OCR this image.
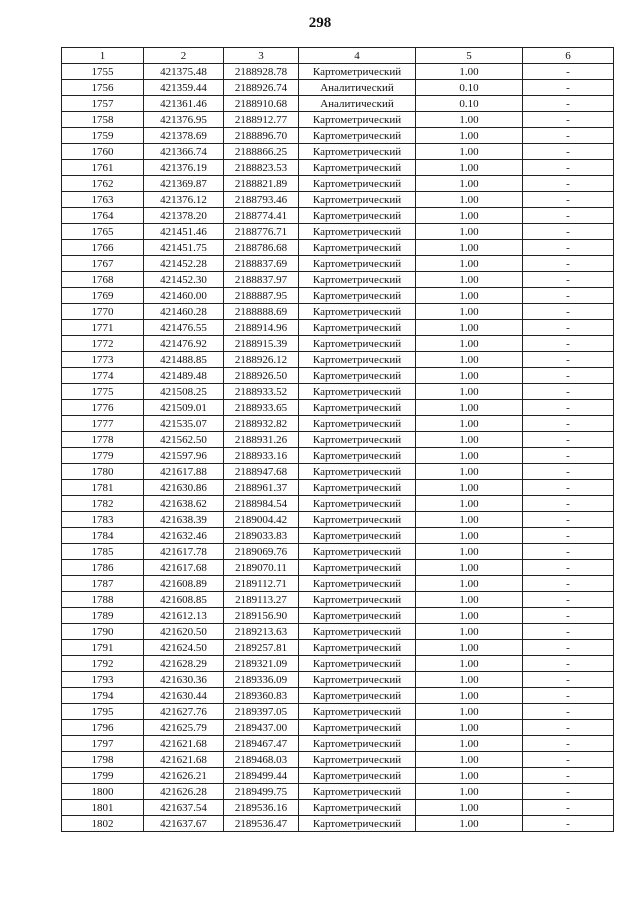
298
1	2	3	4	5	6
1755	421375.48	2188928.78	Картометрический	1.00	-
1756	421359.44	2188926.74	Аналитический	0.10	-
1757	421361.46	2188910.68	Аналитический	0.10	-
1758	421376.95	2188912.77	Картометрический	1.00	-
1759	421378.69	2188896.70	Картометрический	1.00	-
1760	421366.74	2188866.25	Картометрический	1.00	-
1761	421376.19	2188823.53	Картометрический	1.00	-
1762	421369.87	2188821.89	Картометрический	1.00	-
1763	421376.12	2188793.46	Картометрический	1.00	-
1764	421378.20	2188774.41	Картометрический	1.00	-
1765	421451.46	2188776.71	Картометрический	1.00	-
1766	421451.75	2188786.68	Картометрический	1.00	-
1767	421452.28	2188837.69	Картометрический	1.00	-
1768	421452.30	2188837.97	Картометрический	1.00	-
1769	421460.00	2188887.95	Картометрический	1.00	-
1770	421460.28	2188888.69	Картометрический	1.00	-
1771	421476.55	2188914.96	Картометрический	1.00	-
1772	421476.92	2188915.39	Картометрический	1.00	-
1773	421488.85	2188926.12	Картометрический	1.00	-
1774	421489.48	2188926.50	Картометрический	1.00	-
1775	421508.25	2188933.52	Картометрический	1.00	-
1776	421509.01	2188933.65	Картометрический	1.00	-
1777	421535.07	2188932.82	Картометрический	1.00	-
1778	421562.50	2188931.26	Картометрический	1.00	-
1779	421597.96	2188933.16	Картометрический	1.00	-
1780	421617.88	2188947.68	Картометрический	1.00	-
1781	421630.86	2188961.37	Картометрический	1.00	-
1782	421638.62	2188984.54	Картометрический	1.00	-
1783	421638.39	2189004.42	Картометрический	1.00	-
1784	421632.46	2189033.83	Картометрический	1.00	-
1785	421617.78	2189069.76	Картометрический	1.00	-
1786	421617.68	2189070.11	Картометрический	1.00	-
1787	421608.89	2189112.71	Картометрический	1.00	-
1788	421608.85	2189113.27	Картометрический	1.00	-
1789	421612.13	2189156.90	Картометрический	1.00	-
1790	421620.50	2189213.63	Картометрический	1.00	-
1791	421624.50	2189257.81	Картометрический	1.00	-
1792	421628.29	2189321.09	Картометрический	1.00	-
1793	421630.36	2189336.09	Картометрический	1.00	-
1794	421630.44	2189360.83	Картометрический	1.00	-
1795	421627.76	2189397.05	Картометрический	1.00	-
1796	421625.79	2189437.00	Картометрический	1.00	-
1797	421621.68	2189467.47	Картометрический	1.00	-
1798	421621.68	2189468.03	Картометрический	1.00	-
1799	421626.21	2189499.44	Картометрический	1.00	-
1800	421626.28	2189499.75	Картометрический	1.00	-
1801	421637.54	2189536.16	Картометрический	1.00	-
1802	421637.67	2189536.47	Картометрический	1.00	-
